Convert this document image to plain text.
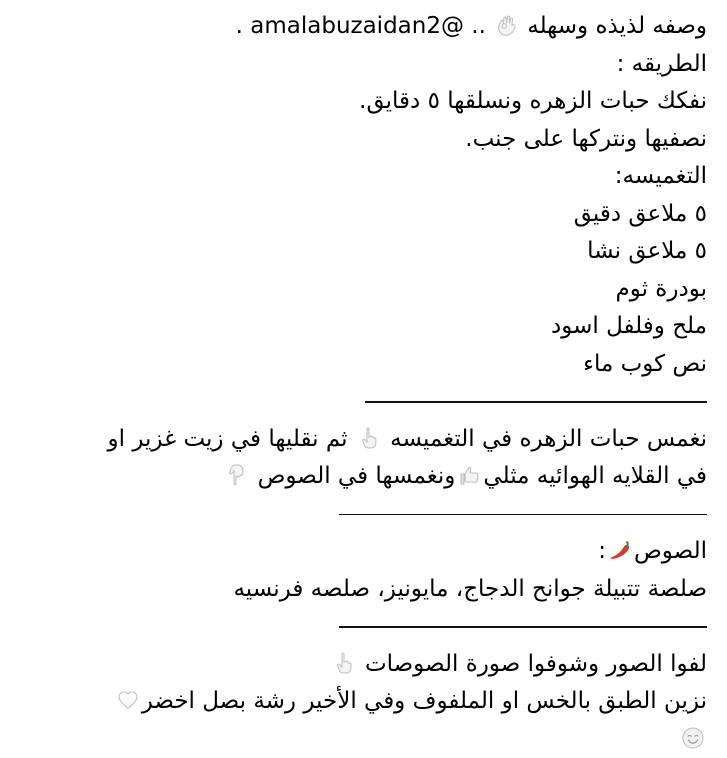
. amalabuzaidan2@ ..
وصفه لذيذه وسهله
الطريقه :
نفكك حبات الزهره ونسلقها ٥ دقايق.
نصفيها ونتركها على جنب.
التغميسه:
٥ ملاعق دقيق
٥ ملاعق نشا
بودرة ثوم
ملح وفلفل اسود
نص كوب ماء
نغمس حبات الزهره في التغميسه
ثم نقليها في زيت غزير او
في القلايه الهوائيه مثلي
ونغمسها في الصوص
الصوص
:
صلصة تتبيلة جوانح الدجاج، مايونيز، صلصه فرنسيه
لفوا الصور وشوفوا صورة الصوصات
نزين الطبق بالخس او الملفوف وفي الأخير رشة بصل اخضر
